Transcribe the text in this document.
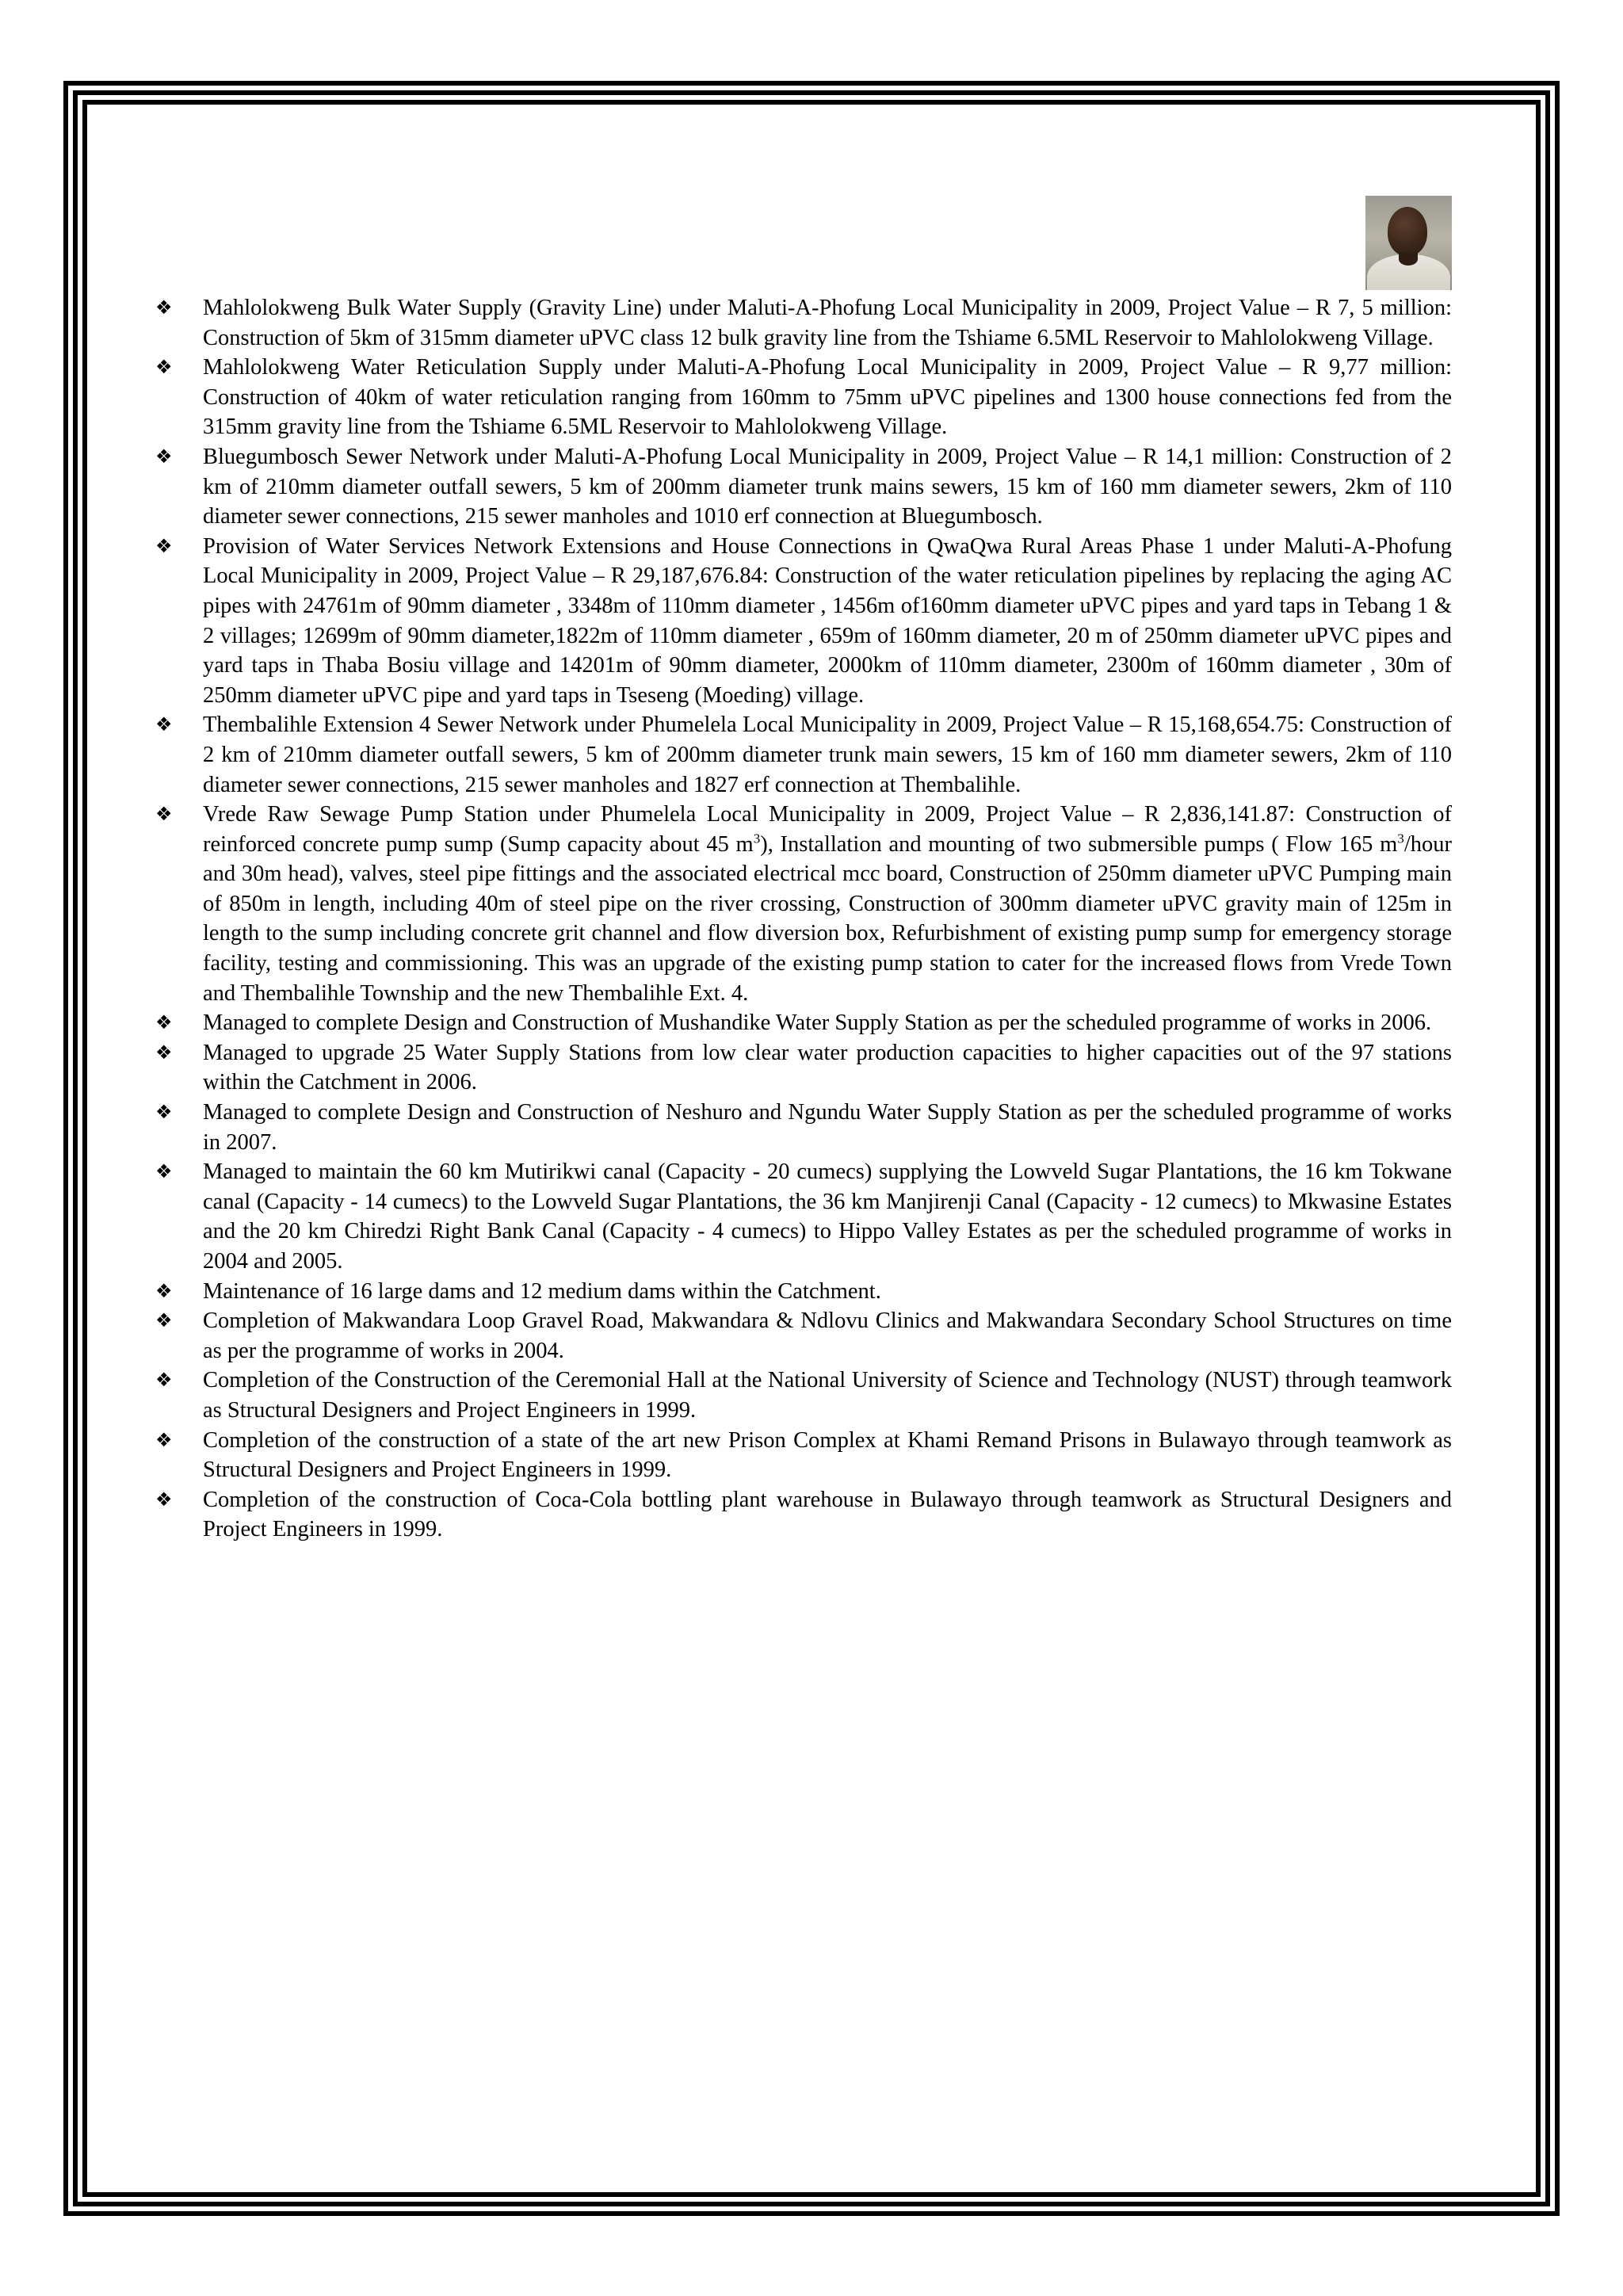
❖ Mahlolokweng Bulk Water Supply (Gravity Line) under Maluti-A-Phofung Local Municipality in 2009, Project Value – R 7, 5 million: Construction of 5km of 315mm diameter uPVC class 12 bulk gravity line from the Tshiame 6.5ML Reservoir to Mahlolokweng Village.
❖ Mahlolokweng Water Reticulation Supply under Maluti-A-Phofung Local Municipality in 2009, Project Value – R 9,77 million: Construction of 40km of water reticulation ranging from 160mm to 75mm uPVC pipelines and 1300 house connections fed from the 315mm gravity line from the Tshiame 6.5ML Reservoir to Mahlolokweng Village.
❖ Bluegumbosch Sewer Network under Maluti-A-Phofung Local Municipality in 2009, Project Value – R 14,1 million: Construction of 2 km of 210mm diameter outfall sewers, 5 km of 200mm diameter trunk mains sewers, 15 km of 160 mm diameter sewers, 2km of 110 diameter sewer connections, 215 sewer manholes and 1010 erf connection at Bluegumbosch.
❖ Provision of Water Services Network Extensions and House Connections in QwaQwa Rural Areas Phase 1 under Maluti-A-Phofung Local Municipality in 2009, Project Value – R 29,187,676.84: Construction of the water reticulation pipelines by replacing the aging AC pipes with 24761m of 90mm diameter , 3348m of 110mm diameter , 1456m of160mm diameter uPVC pipes and yard taps in Tebang 1 & 2 villages; 12699m of 90mm diameter,1822m of 110mm diameter , 659m of 160mm diameter, 20 m of 250mm diameter uPVC pipes and yard taps in Thaba Bosiu village and 14201m of 90mm diameter, 2000km of 110mm diameter, 2300m of 160mm diameter , 30m of 250mm diameter uPVC pipe and yard taps in Tseseng (Moeding) village.
❖ Thembalihle Extension 4 Sewer Network under Phumelela Local Municipality in 2009, Project Value – R 15,168,654.75: Construction of 2 km of 210mm diameter outfall sewers, 5 km of 200mm diameter trunk main sewers, 15 km of 160 mm diameter sewers, 2km of 110 diameter sewer connections, 215 sewer manholes and 1827 erf connection at Thembalihle.
❖ Vrede Raw Sewage Pump Station under Phumelela Local Municipality in 2009, Project Value – R 2,836,141.87: Construction of reinforced concrete pump sump (Sump capacity about 45 $m^3$), Installation and mounting of two submersible pumps ( Flow 165 $m^3$/hour and 30m head), valves, steel pipe fittings and the associated electrical mcc board, Construction of 250mm diameter uPVC Pumping main of 850m in length, including 40m of steel pipe on the river crossing, Construction of 300mm diameter uPVC gravity main of 125m in length to the sump including concrete grit channel and flow diversion box, Refurbishment of existing pump sump for emergency storage facility, testing and commissioning. This was an upgrade of the existing pump station to cater for the increased flows from Vrede Town and Thembalihle Township and the new Thembalihle Ext. 4.
❖ Managed to complete Design and Construction of Mushandike Water Supply Station as per the scheduled programme of works in 2006.
❖ Managed to upgrade 25 Water Supply Stations from low clear water production capacities to higher capacities out of the 97 stations within the Catchment in 2006.
❖ Managed to complete Design and Construction of Neshuro and Ngundu Water Supply Station as per the scheduled programme of works in 2007.
❖ Managed to maintain the 60 km Mutirikwi canal (Capacity - 20 cumecs) supplying the Lowveld Sugar Plantations, the 16 km Tokwane canal (Capacity - 14 cumecs) to the Lowveld Sugar Plantations, the 36 km Manjirenji Canal (Capacity - 12 cumecs) to Mkwasine Estates and the 20 km Chiredzi Right Bank Canal (Capacity - 4 cumecs) to Hippo Valley Estates as per the scheduled programme of works in 2004 and 2005.
❖ Maintenance of 16 large dams and 12 medium dams within the Catchment.
❖ Completion of Makwandara Loop Gravel Road, Makwandara & Ndlovu Clinics and Makwandara Secondary School Structures on time as per the programme of works in 2004.
❖ Completion of the Construction of the Ceremonial Hall at the National University of Science and Technology (NUST) through teamwork as Structural Designers and Project Engineers in 1999.
❖ Completion of the construction of a state of the art new Prison Complex at Khami Remand Prisons in Bulawayo through teamwork as Structural Designers and Project Engineers in 1999.
❖ Completion of the construction of Coca-Cola bottling plant warehouse in Bulawayo through teamwork as Structural Designers and Project Engineers in 1999.
